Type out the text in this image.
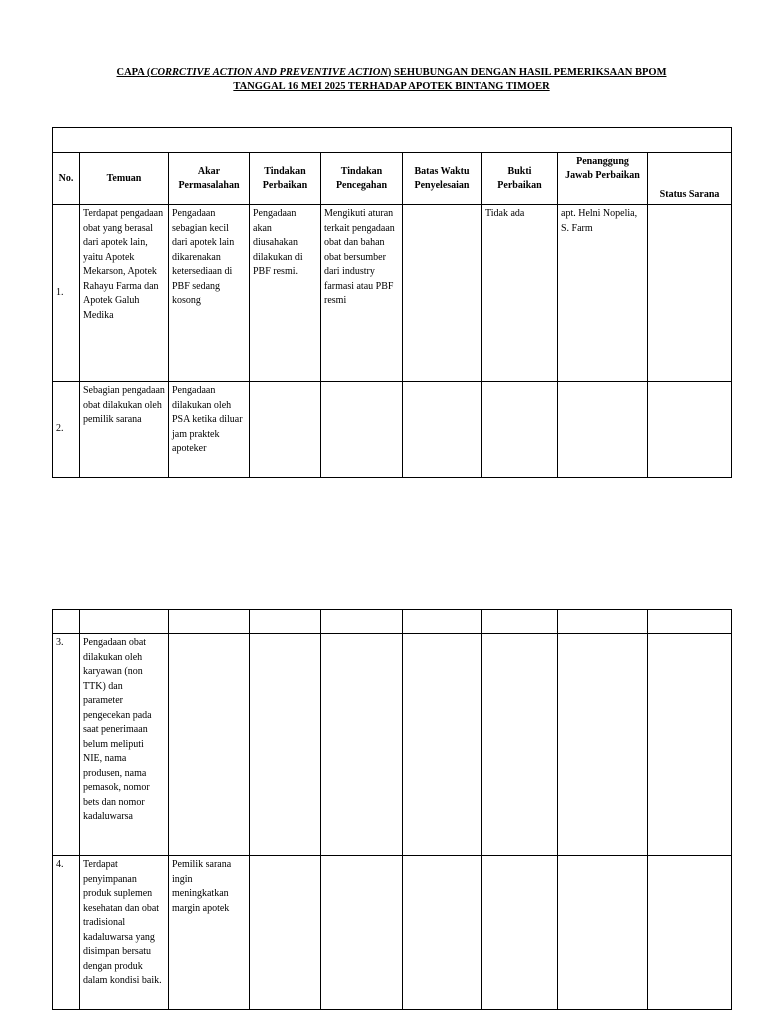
CAPA (CORRCTIVE ACTION AND PREVENTIVE ACTION) SEHUBUNGAN DENGAN HASIL PEMERIKSAAN BPOM
TANGGAL 16 MEI 2025 TERHADAP APOTEK BINTANG TIMOER

No.	Temuan	Akar Permasalahan	Tindakan Perbaikan	Tindakan Pencegahan	Batas Waktu Penyelesaian	Bukti Perbaikan	Penanggung Jawab Perbaikan	Status Sarana
1.	Terdapat pengadaan obat yang berasal dari apotek lain, yaitu Apotek Mekarson, Apotek Rahayu Farma dan Apotek Galuh Medika	Pengadaan sebagian kecil dari apotek lain dikarenakan ketersediaan di PBF sedang kosong	Pengadaan akan diusahakan dilakukan di PBF resmi.	Mengikuti aturan terkait pengadaan obat dan bahan obat bersumber dari industry farmasi atau PBF resmi		Tidak ada	apt. Helni Nopelia, S. Farm	
2.	Sebagian pengadaan obat dilakukan oleh pemilik sarana	Pengadaan dilakukan oleh PSA ketika diluar jam praktek apoteker						

3.	Pengadaan obat dilakukan oleh karyawan (non TTK) dan parameter pengecekan pada saat penerimaan belum meliputi NIE, nama produsen, nama pemasok, nomor bets dan nomor kadaluwarsa							
4.	Terdapat penyimpanan produk suplemen kesehatan dan obat tradisional kadaluwarsa yang disimpan bersatu dengan produk dalam kondisi baik.	Pemilik sarana ingin meningkatkan margin apotek						
